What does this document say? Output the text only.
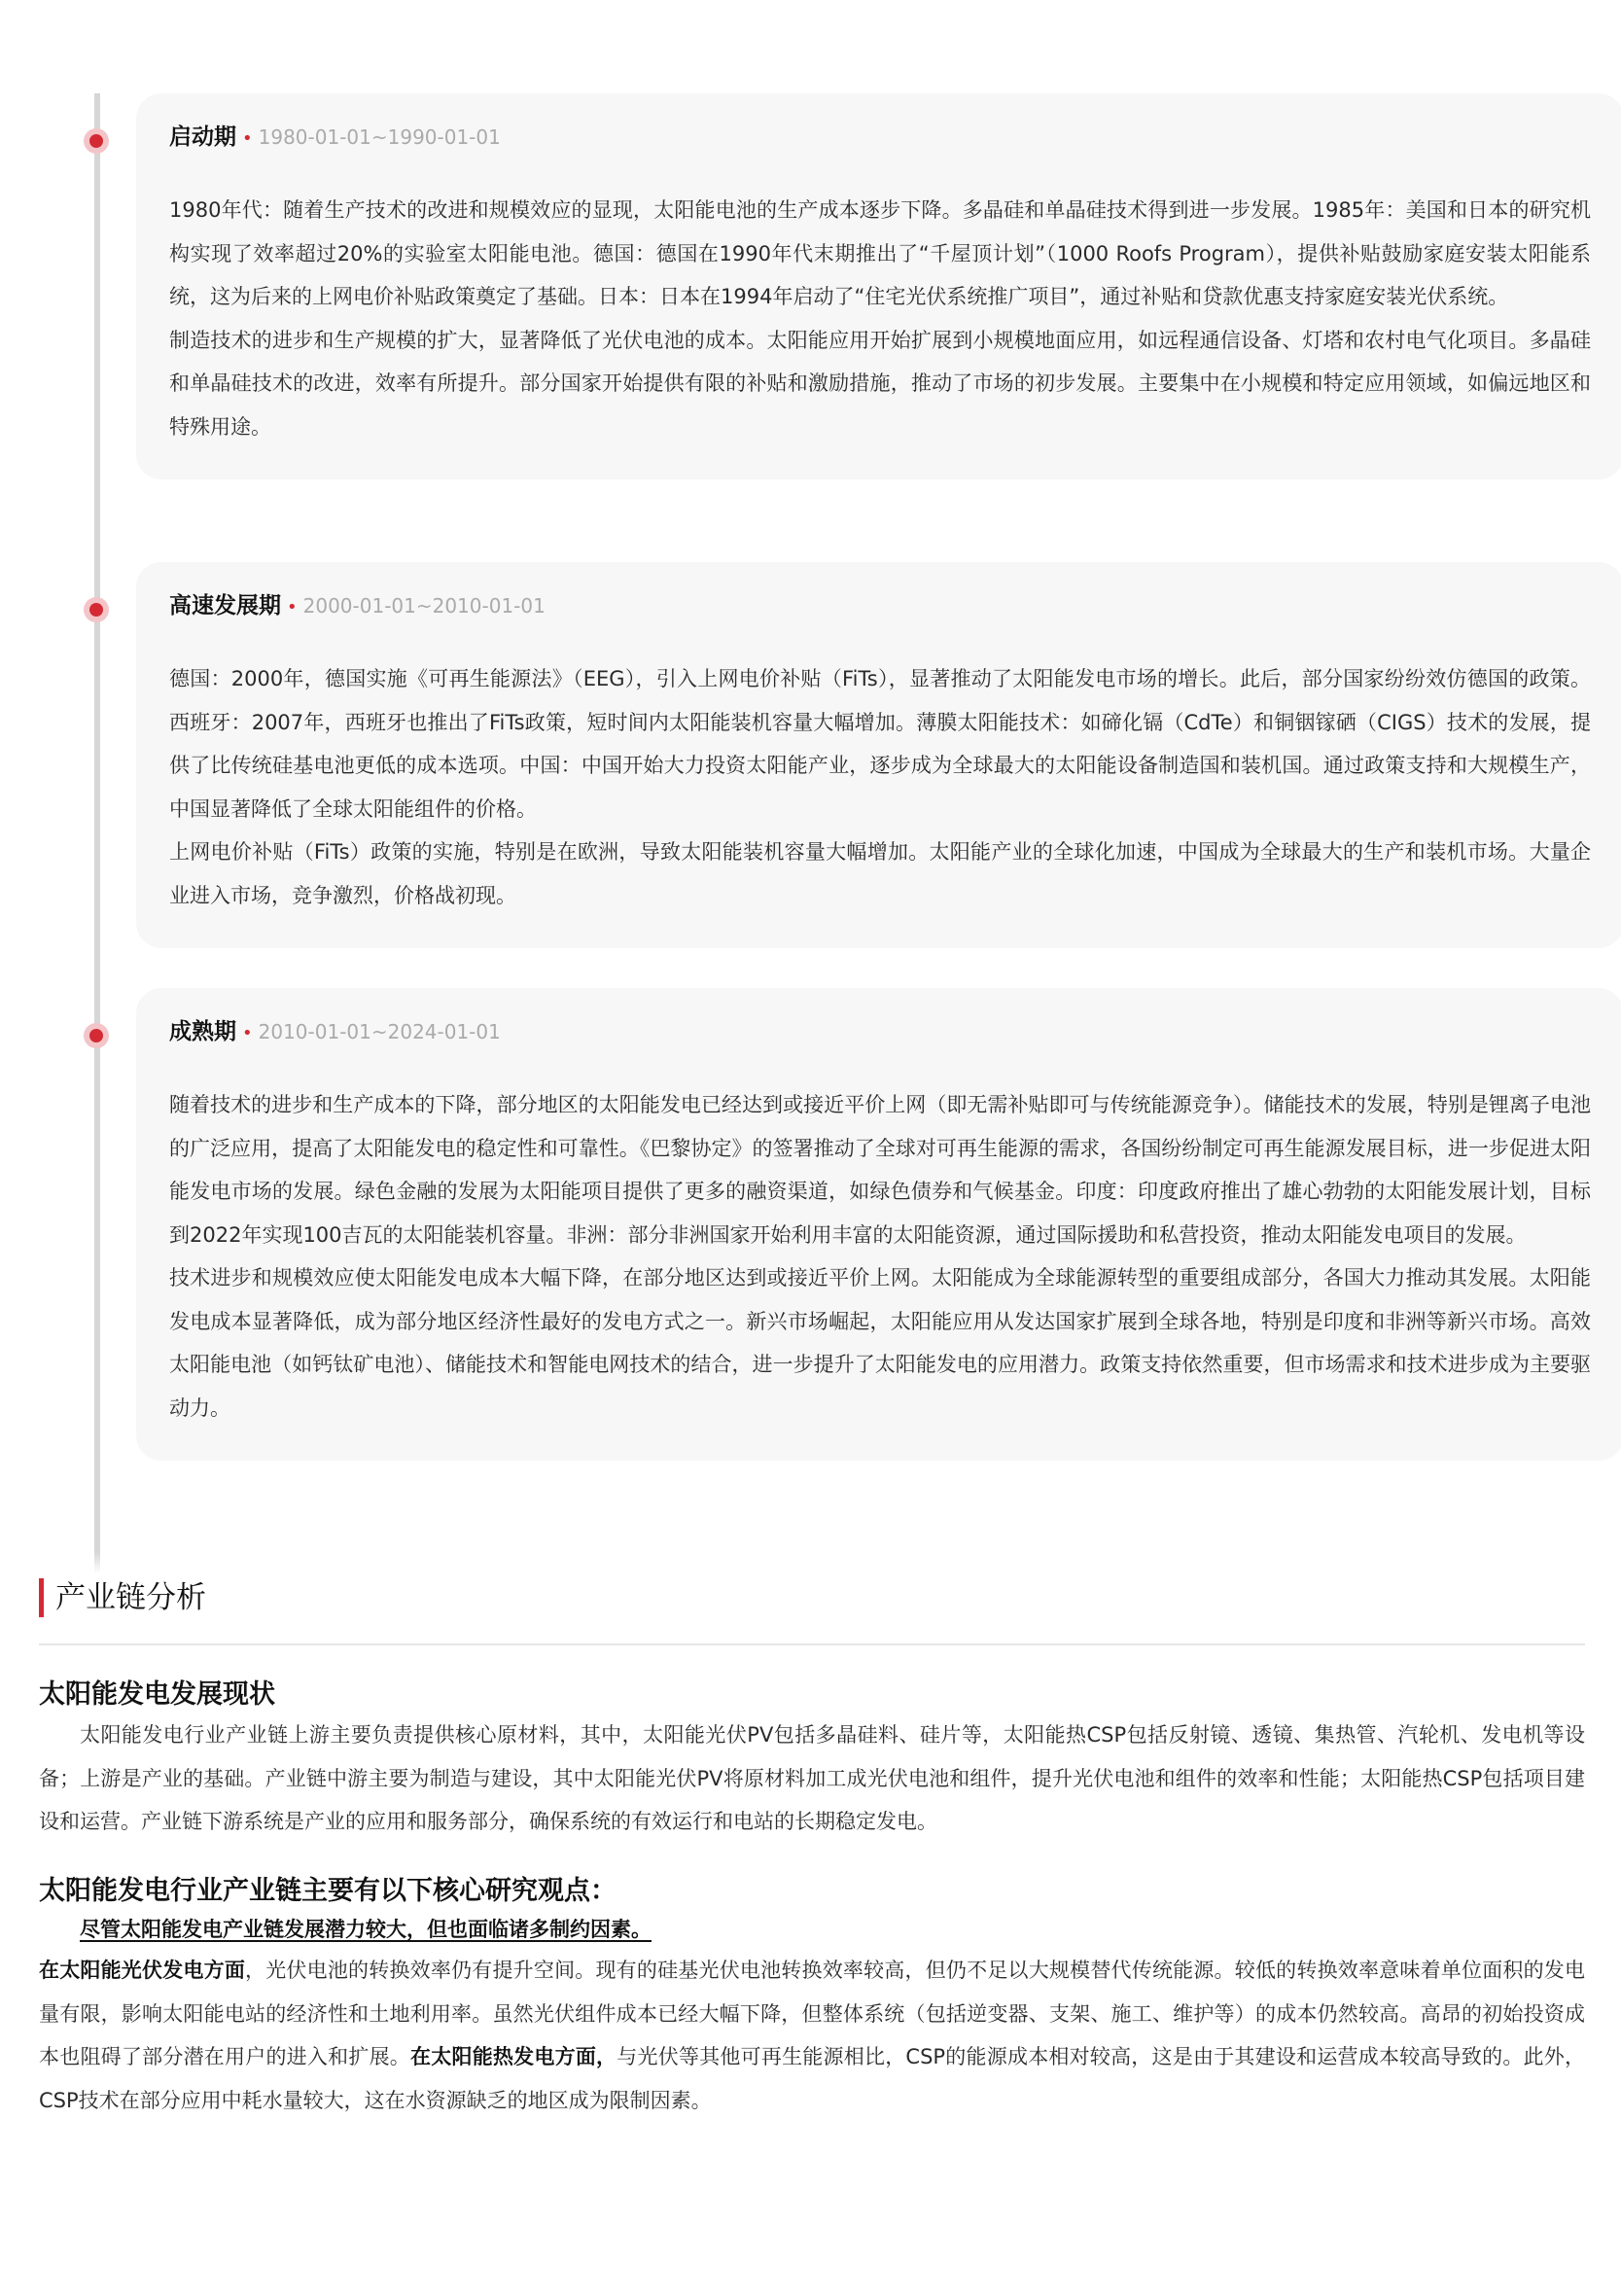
启动期 • 1980-01-01~1990-01-01

1980年代：随着生产技术的改进和规模效应的显现，太阳能电池的生产成本逐步下降。多晶硅和单晶硅技术得到进一步发展。1985年：美国和日本的研究机构实现了效率超过20%的实验室太阳能电池。德国：德国在1990年代末期推出了“千屋顶计划”（1000 Roofs Program），提供补贴鼓励家庭安装太阳能系统，这为后来的上网电价补贴政策奠定了基础。日本：日本在1994年启动了“住宅光伏系统推广项目”，通过补贴和贷款优惠支持家庭安装光伏系统。

制造技术的进步和生产规模的扩大，显著降低了光伏电池的成本。太阳能应用开始扩展到小规模地面应用，如远程通信设备、灯塔和农村电气化项目。多晶硅和单晶硅技术的改进，效率有所提升。部分国家开始提供有限的补贴和激励措施，推动了市场的初步发展。主要集中在小规模和特定应用领域，如偏远地区和特殊用途。

高速发展期 • 2000-01-01~2010-01-01

德国：2000年，德国实施《可再生能源法》（EEG），引入上网电价补贴（FiTs），显著推动了太阳能发电市场的增长。此后，部分国家纷纷效仿德国的政策。西班牙：2007年，西班牙也推出了FiTs政策，短时间内太阳能装机容量大幅增加。薄膜太阳能技术：如碲化镉（CdTe）和铜铟镓硒（CIGS）技术的发展，提供了比传统硅基电池更低的成本选项。中国：中国开始大力投资太阳能产业，逐步成为全球最大的太阳能设备制造国和装机国。通过政策支持和大规模生产，中国显著降低了全球太阳能组件的价格。

上网电价补贴（FiTs）政策的实施，特别是在欧洲，导致太阳能装机容量大幅增加。太阳能产业的全球化加速，中国成为全球最大的生产和装机市场。大量企业进入市场，竞争激烈，价格战初现。

成熟期 • 2010-01-01~2024-01-01

随着技术的进步和生产成本的下降，部分地区的太阳能发电已经达到或接近平价上网（即无需补贴即可与传统能源竞争）。储能技术的发展，特别是锂离子电池的广泛应用，提高了太阳能发电的稳定性和可靠性。《巴黎协定》的签署推动了全球对可再生能源的需求，各国纷纷制定可再生能源发展目标，进一步促进太阳能发电市场的发展。绿色金融的发展为太阳能项目提供了更多的融资渠道，如绿色债券和气候基金。印度：印度政府推出了雄心勃勃的太阳能发展计划，目标到2022年实现100吉瓦的太阳能装机容量。非洲：部分非洲国家开始利用丰富的太阳能资源，通过国际援助和私营投资，推动太阳能发电项目的发展。

技术进步和规模效应使太阳能发电成本大幅下降，在部分地区达到或接近平价上网。太阳能成为全球能源转型的重要组成部分，各国大力推动其发展。太阳能发电成本显著降低，成为部分地区经济性最好的发电方式之一。新兴市场崛起，太阳能应用从发达国家扩展到全球各地，特别是印度和非洲等新兴市场。高效太阳能电池（如钙钛矿电池）、储能技术和智能电网技术的结合，进一步提升了太阳能发电的应用潜力。政策支持依然重要，但市场需求和技术进步成为主要驱动力。

产业链分析
太阳能发电发展现状

太阳能发电行业产业链上游主要负责提供核心原材料，其中，太阳能光伏PV包括多晶硅料、硅片等，太阳能热CSP包括反射镜、透镜、集热管、汽轮机、发电机等设备；上游是产业的基础。产业链中游主要为制造与建设，其中太阳能光伏PV将原材料加工成光伏电池和组件，提升光伏电池和组件的效率和性能；太阳能热CSP包括项目建设和运营。产业链下游系统是产业的应用和服务部分，确保系统的有效运行和电站的长期稳定发电。

太阳能发电行业产业链主要有以下核心研究观点：
尽管太阳能发电产业链发展潜力较大，但也面临诸多制约因素。

在太阳能光伏发电方面，光伏电池的转换效率仍有提升空间。现有的硅基光伏电池转换效率较高，但仍不足以大规模替代传统能源。较低的转换效率意味着单位面积的发电量有限，影响太阳能电站的经济性和土地利用率。虽然光伏组件成本已经大幅下降，但整体系统（包括逆变器、支架、施工、维护等）的成本仍然较高。高昂的初始投资成本也阻碍了部分潜在用户的进入和扩展。在太阳能热发电方面，与光伏等其他可再生能源相比，CSP的能源成本相对较高，这是由于其建设和运营成本较高导致的。此外，CSP技术在部分应用中耗水量较大，这在水资源缺乏的地区成为限制因素。
